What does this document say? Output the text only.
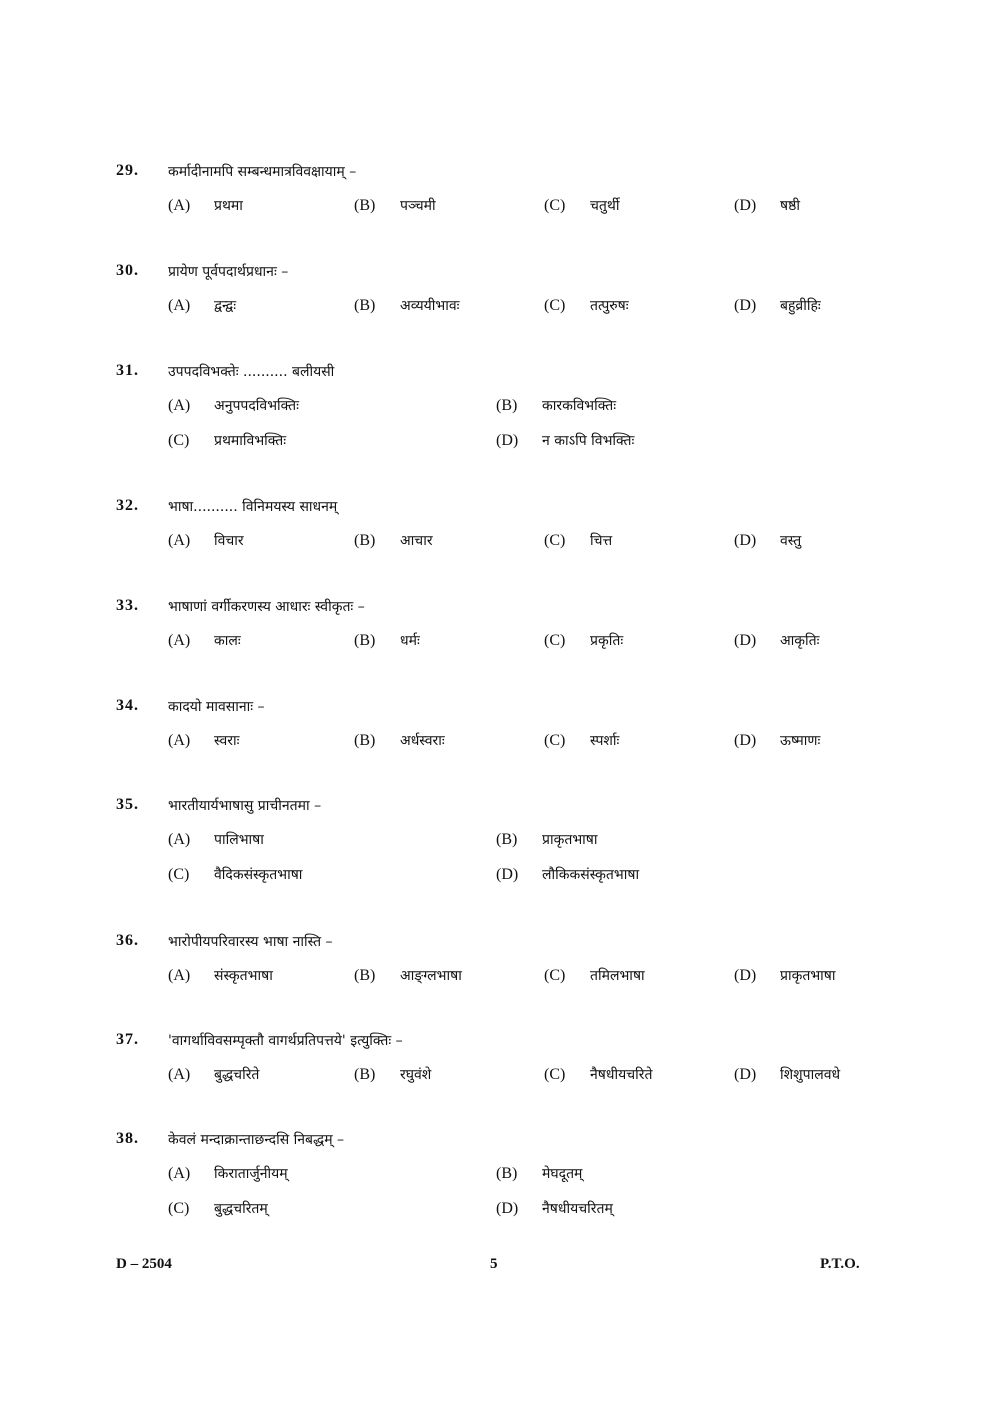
29. कर्मादीनामपि सम्बन्धमात्रविवक्षायाम् –
(A) प्रथमा	(B) पञ्चमी	(C) चतुर्थी	(D) षष्ठी
30. प्रायेण पूर्वपदार्थप्रधानः –
(A) द्वन्द्वः	(B) अव्ययीभावः	(C) तत्पुरुषः	(D) बहुव्रीहिः
31. उपपदविभक्तेः .......... बलीयसी
(A) अनुपपदविभक्तिः	(B) कारकविभक्तिः
(C) प्रथमाविभक्तिः	(D) न काऽपि विभक्तिः
32. भाषा.......... विनिमयस्य साधनम्
(A) विचार	(B) आचार	(C) चित्त	(D) वस्तु
33. भाषाणां वर्गीकरणस्य आधारः स्वीकृतः –
(A) कालः	(B) धर्मः	(C) प्रकृतिः	(D) आकृतिः
34. कादयो मावसानाः –
(A) स्वराः	(B) अर्धस्वराः	(C) स्पर्शाः	(D) ऊष्माणः
35. भारतीयार्यभाषासु प्राचीनतमा –
(A) पालिभाषा	(B) प्राकृतभाषा
(C) वैदिकसंस्कृतभाषा	(D) लौकिकसंस्कृतभाषा
36. भारोपीयपरिवारस्य भाषा नास्ति –
(A) संस्कृतभाषा	(B) आङ्ग्लभाषा	(C) तमिलभाषा	(D) प्राकृतभाषा
37. 'वागर्थाविवसम्पृक्तौ वागर्थप्रतिपत्तये' इत्युक्तिः –
(A) बुद्धचरिते	(B) रघुवंशे	(C) नैषधीयचरिते	(D) शिशुपालवधे
38. केवलं मन्दाक्रान्ताछन्दसि निबद्धम् –
(A) किरातार्जुनीयम्	(B) मेघदूतम्
(C) बुद्धचरितम्	(D) नैषधीयचरितम्
D – 2504	5	P.T.O.
